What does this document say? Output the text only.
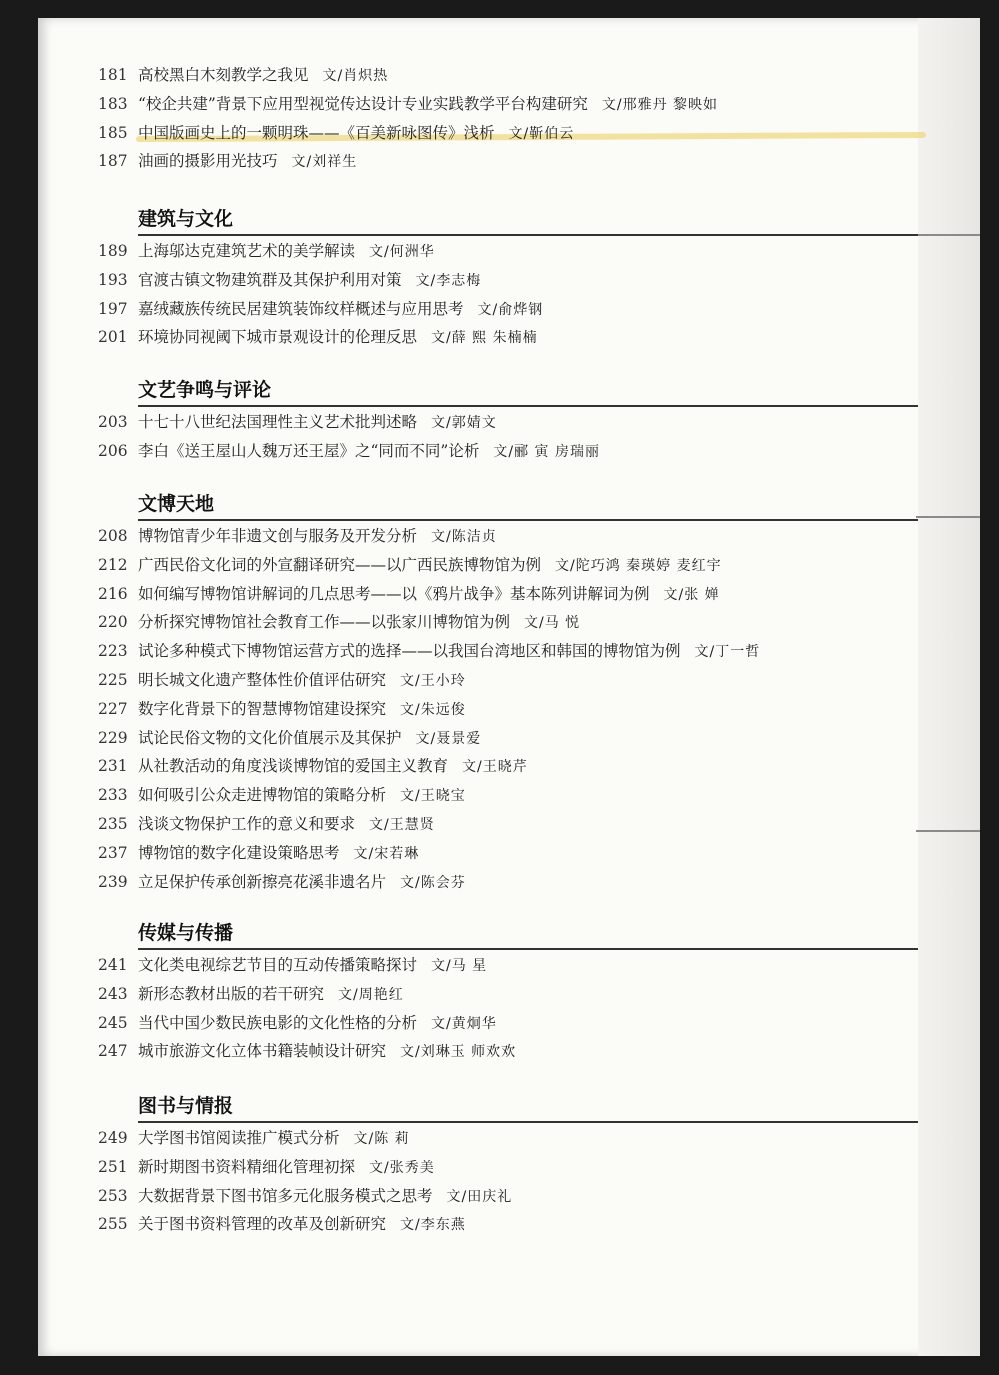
181 高校黑白木刻教学之我见 文/肖炽热
183 “校企共建”背景下应用型视觉传达设计专业实践教学平台构建研究 文/邢雅丹 黎映如
185 中国版画史上的一颗明珠——《百美新咏图传》浅析 文/靳伯云
187 油画的摄影用光技巧 文/刘祥生
建筑与文化
189 上海邬达克建筑艺术的美学解读 文/何洲华
193 官渡古镇文物建筑群及其保护利用对策 文/李志梅
197 嘉绒藏族传统民居建筑装饰纹样概述与应用思考 文/俞烨钢
201 环境协同视阈下城市景观设计的伦理反思 文/薛 熙 朱楠楠
文艺争鸣与评论
203 十七十八世纪法国理性主义艺术批判述略 文/郭婧文
206 李白《送王屋山人魏万还王屋》之“同而不同”论析 文/郦 寅 房瑞丽
文博天地
208 博物馆青少年非遗文创与服务及开发分析 文/陈洁贞
212 广西民俗文化词的外宣翻译研究——以广西民族博物馆为例 文/陀巧鸿 秦瑛婷 麦红宇
216 如何编写博物馆讲解词的几点思考——以《鸦片战争》基本陈列讲解词为例 文/张 婵
220 分析探究博物馆社会教育工作——以张家川博物馆为例 文/马 悦
223 试论多种模式下博物馆运营方式的选择——以我国台湾地区和韩国的博物馆为例 文/丁一哲
225 明长城文化遗产整体性价值评估研究 文/王小玲
227 数字化背景下的智慧博物馆建设探究 文/朱远俊
229 试论民俗文物的文化价值展示及其保护 文/聂景爱
231 从社教活动的角度浅谈博物馆的爱国主义教育 文/王晓芹
233 如何吸引公众走进博物馆的策略分析 文/王晓宝
235 浅谈文物保护工作的意义和要求 文/王慧贤
237 博物馆的数字化建设策略思考 文/宋若琳
239 立足保护传承创新擦亮花溪非遗名片 文/陈会芬
传媒与传播
241 文化类电视综艺节目的互动传播策略探讨 文/马 星
243 新形态教材出版的若干研究 文/周艳红
245 当代中国少数民族电影的文化性格的分析 文/黄炯华
247 城市旅游文化立体书籍装帧设计研究 文/刘琳玉 师欢欢
图书与情报
249 大学图书馆阅读推广模式分析 文/陈 莉
251 新时期图书资料精细化管理初探 文/张秀美
253 大数据背景下图书馆多元化服务模式之思考 文/田庆礼
255 关于图书资料管理的改革及创新研究 文/李东燕
